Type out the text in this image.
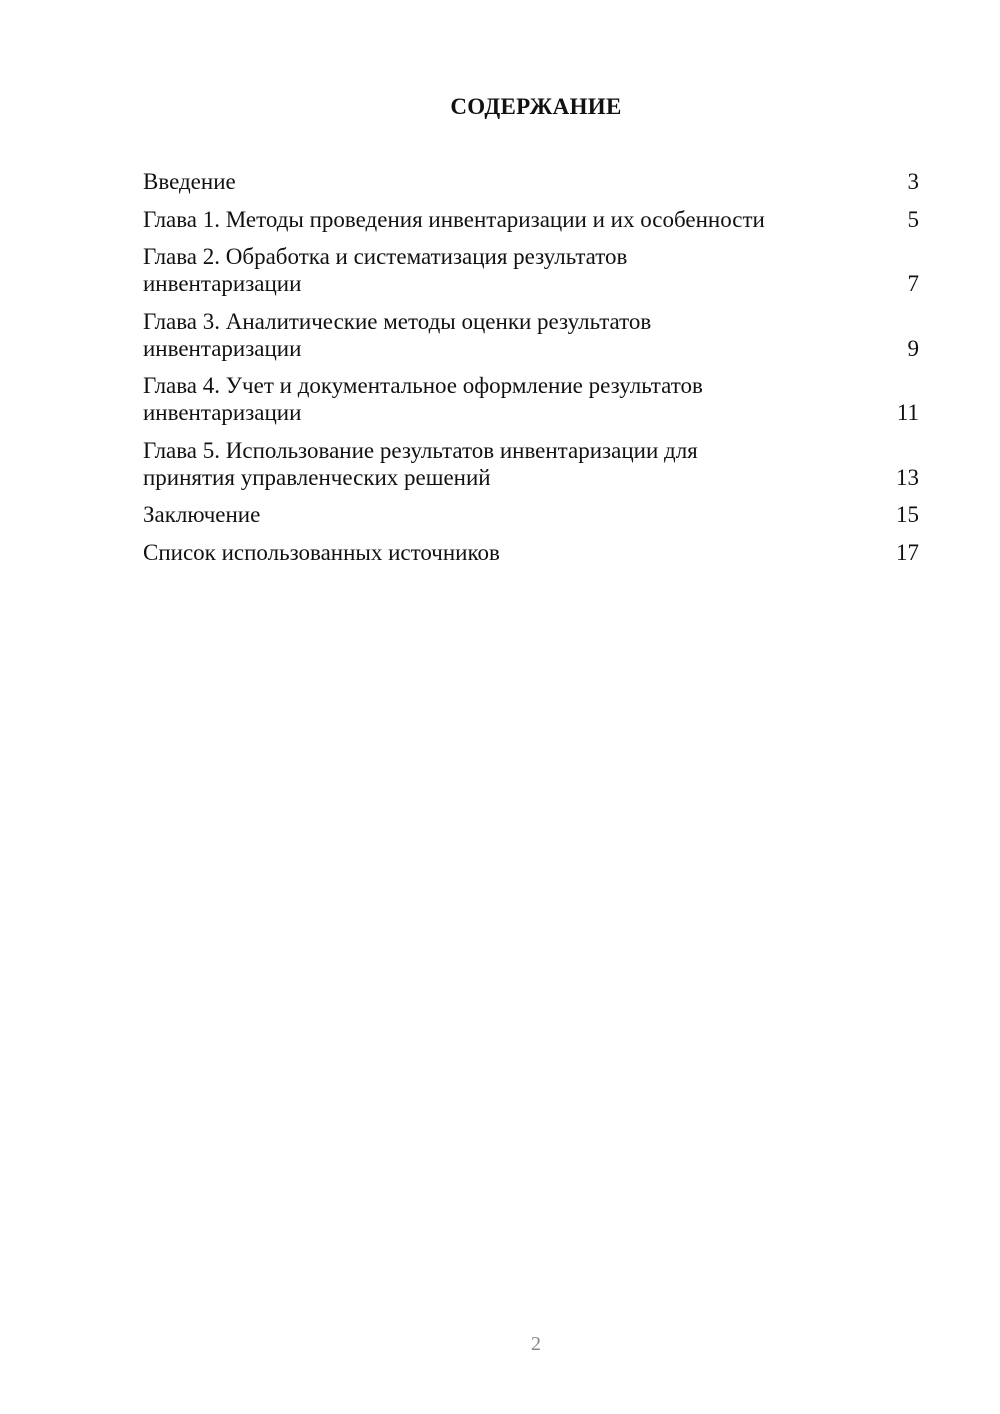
СОДЕРЖАНИЕ
Введение	3
Глава 1. Методы проведения инвентаризации и их особенности	5
Глава 2. Обработка и систематизация результатов
инвентаризации	7
Глава 3. Аналитические методы оценки результатов
инвентаризации	9
Глава 4. Учет и документальное оформление результатов
инвентаризации	11
Глава 5. Использование результатов инвентаризации для
принятия управленческих решений	13
Заключение	15
Список использованных источников	17

2
